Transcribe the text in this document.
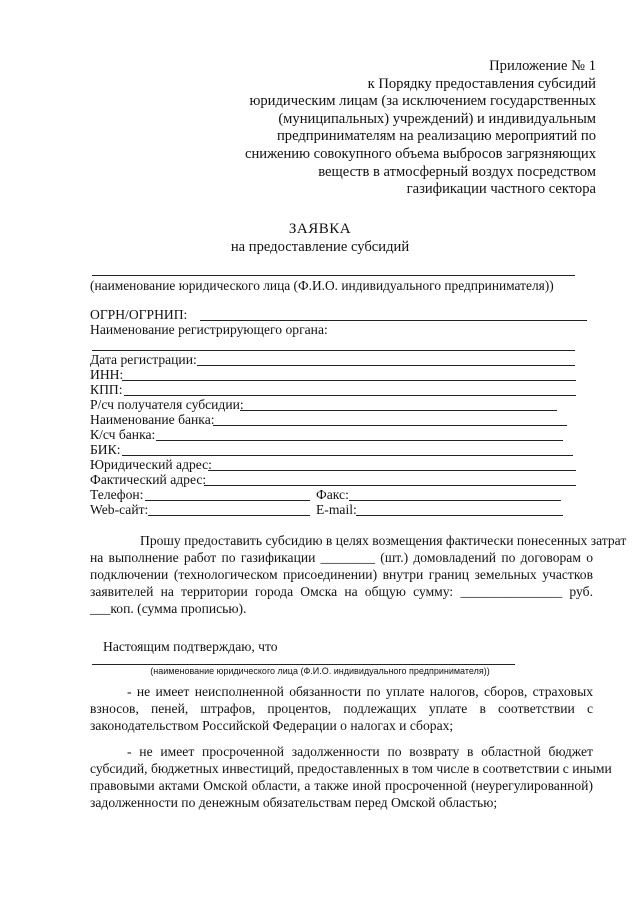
Приложение № 1
к Порядку предоставления субсидий
юридическим лицам (за исключением государственных
(муниципальных) учреждений) и индивидуальным
предпринимателям на реализацию мероприятий по
снижению совокупного объема выбросов загрязняющих
веществ в атмосферный воздух посредством
газификации частного сектора
ЗАЯВКА
на предоставление субсидий
(наименование юридического лица (Ф.И.О. индивидуального предпринимателя))
ОГРН/ОГРНИП:
Наименование регистрирующего органа:
Дата регистрации:
ИНН:
КПП:
Р/сч получателя субсидии:
Наименование банка:
К/сч банка:
БИК:
Юридический адрес:
Фактический адрес:
Телефон:	Факс:
Web-сайт:	E-mail:
Прошу предоставить субсидию в целях возмещения фактически понесенных затрат
на выполнение работ по газификации ________ (шт.) домовладений по договорам о
подключении (технологическом присоединении) внутри границ земельных участков
заявителей на территории города Омска на общую сумму: _______________ руб.
___коп. (сумма прописью).
Настоящим подтверждаю, что
(наименование юридического лица (Ф.И.О. индивидуального предпринимателя))
- не имеет неисполненной обязанности по уплате налогов, сборов, страховых
взносов, пеней, штрафов, процентов, подлежащих уплате в соответствии с
законодательством Российской Федерации о налогах и сборах;
- не имеет просроченной задолженности по возврату в областной бюджет
субсидий, бюджетных инвестиций, предоставленных в том числе в соответствии с иными
правовыми актами Омской области, а также иной просроченной (неурегулированной)
задолженности по денежным обязательствам перед Омской областью;
